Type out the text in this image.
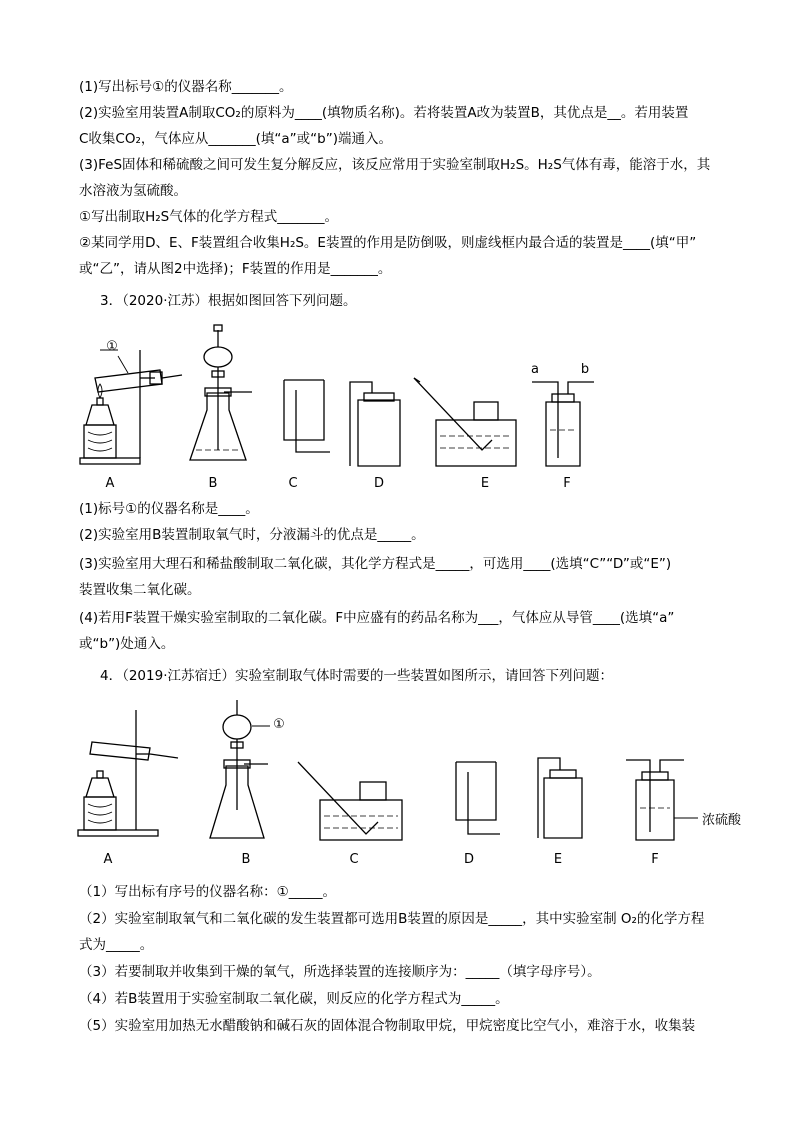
(1)写出标号①的仪器名称_______。
(2)实验室用装置A制取CO₂的原料为____(填物质名称)。若将装置A改为装置B，其优点是__。若用装置
C收集CO₂，气体应从_______(填“a”或“b”)端通入。
(3)FeS固体和稀硫酸之间可发生复分解反应，该反应常用于实验室制取H₂S。H₂S气体有毒，能溶于水，其
水溶液为氢硫酸。
①写出制取H₂S气体的化学方程式_______。
②某同学用D、E、F装置组合收集H₂S。E装置的作用是防倒吸，则虚线框内最合适的装置是____(填“甲”
或“乙”，请从图2中选择)；F装置的作用是_______。
3．（2020·江苏）根据如图回答下列问题。
①
a	b
A	B	C	D	E	F
(1)标号①的仪器名称是____。
(2)实验室用B装置制取氧气时，分液漏斗的优点是_____。
(3)实验室用大理石和稀盐酸制取二氧化碳，其化学方程式是_____，可选用____(选填“C”“D”或“E”)
装置收集二氧化碳。
(4)若用F装置干燥实验室制取的二氧化碳。F中应盛有的药品名称为___，气体应从导管____(选填“a”
或“b”)处通入。
4．（2019·江苏宿迁）实验室制取气体时需要的一些装置如图所示，请回答下列问题：
①
浓硫酸
A	B	C	D	E	F
（1）写出标有序号的仪器名称：①_____。
（2）实验室制取氧气和二氧化碳的发生装置都可选用B装置的原因是_____，其中实验室制 O₂的化学方程
式为_____。
（3）若要制取并收集到干燥的氧气，所选择装置的连接顺序为：_____（填字母序号）。
（4）若B装置用于实验室制取二氧化碳，则反应的化学方程式为_____。
（5）实验室用加热无水醋酸钠和碱石灰的固体混合物制取甲烷，甲烷密度比空气小，难溶于水，收集装
